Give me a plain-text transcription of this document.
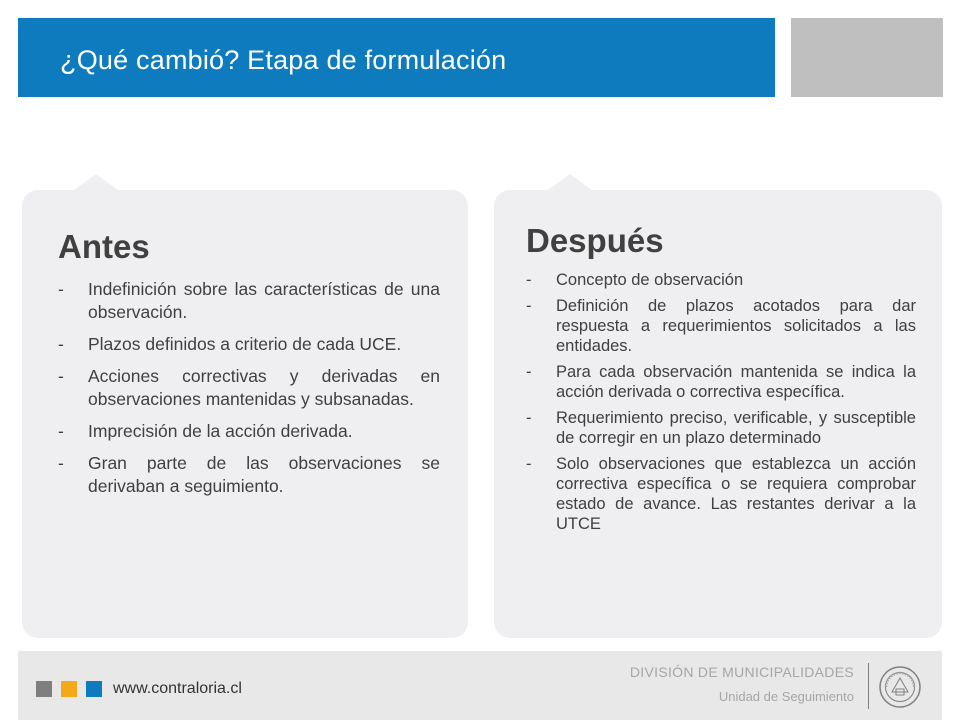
¿Qué cambió? Etapa de formulación
Antes
- Indefinición sobre las características de una observación.
- Plazos definidos a criterio de cada UCE.
- Acciones correctivas y derivadas en observaciones mantenidas y subsanadas.
- Imprecisión de la acción derivada.
- Gran parte de las observaciones se derivaban a seguimiento.
Después
- Concepto de observación
- Definición de plazos acotados para dar respuesta a requerimientos solicitados a las entidades.
- Para cada observación mantenida se indica la acción derivada o correctiva específica.
- Requerimiento preciso, verificable, y susceptible de corregir en un plazo determinado
- Solo observaciones que establezca un acción correctiva específica o se requiera comprobar estado de avance. Las restantes derivar a la UTCE
www.contraloria.cl
DIVISIÓN DE MUNICIPALIDADES
Unidad de Seguimiento
